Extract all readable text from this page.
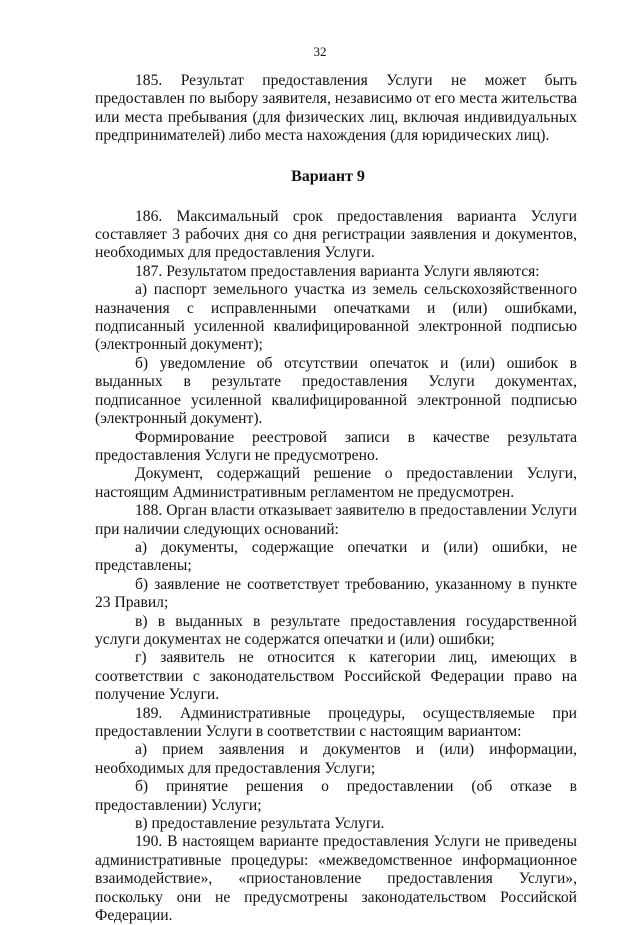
32

185. Результат предоставления Услуги не может быть предоставлен по выбору заявителя, независимо от его места жительства или места пребывания (для физических лиц, включая индивидуальных предпринимателей) либо места нахождения (для юридических лиц).

Вариант 9

186. Максимальный срок предоставления варианта Услуги составляет 3 рабочих дня со дня регистрации заявления и документов, необходимых для предоставления Услуги.

187. Результатом предоставления варианта Услуги являются:

а) паспорт земельного участка из земель сельскохозяйственного назначения с исправленными опечатками и (или) ошибками, подписанный усиленной квалифицированной электронной подписью (электронный документ);

б) уведомление об отсутствии опечаток и (или) ошибок в выданных в результате предоставления Услуги документах, подписанное усиленной квалифицированной электронной подписью (электронный документ).

Формирование реестровой записи в качестве результата предоставления Услуги не предусмотрено.

Документ, содержащий решение о предоставлении Услуги, настоящим Административным регламентом не предусмотрен.

188. Орган власти отказывает заявителю в предоставлении Услуги при наличии следующих оснований:

а) документы, содержащие опечатки и (или) ошибки, не представлены;

б) заявление не соответствует требованию, указанному в пункте 23 Правил;

в) в выданных в результате предоставления государственной услуги документах не содержатся опечатки и (или) ошибки;

г) заявитель не относится к категории лиц, имеющих в соответствии с законодательством Российской Федерации право на получение Услуги.

189. Административные процедуры, осуществляемые при предоставлении Услуги в соответствии с настоящим вариантом:

а) прием заявления и документов и (или) информации, необходимых для предоставления Услуги;

б) принятие решения о предоставлении (об отказе в предоставлении) Услуги;

в) предоставление результата Услуги.

190. В настоящем варианте предоставления Услуги не приведены административные процедуры: «межведомственное информационное взаимодействие», «приостановление предоставления Услуги», поскольку они не предусмотрены законодательством Российской Федерации.
